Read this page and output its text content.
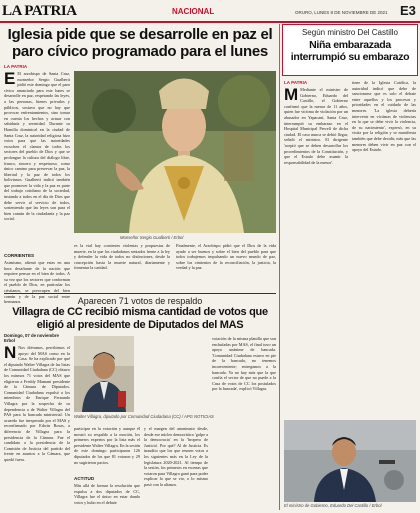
LA PATRIA	NACIONAL	ORURO, LUNES 8 DE NOVIEMBRE DE 2021 E3
Iglesia pide que se desarrolle en paz el paro cívico programado para el lunes
LA PATRIA
E El arzobispo de Santa Cruz, monseñor Sergio Gualberti pidió este domingo que el paro cívico anunciado para este lunes se desarrolle en paz, respetando las leyes, a las personas, bienes privados y públicos, sostuvo que no hay que provocar enfrentamientos, sino tomar en cuenta los hechos y actuar con sabiduría y serenidad. Durante su Homilía dominical en la ciudad de Santa Cruz, la autoridad religiosa hizo votos para que las autoridades escuchen el clamor de todos los sectores del pueblo de Dios y que se prolongue la cultura del diálogo libre, franco, sincero y respetuoso, como único camino para preservar la paz, la libertad y la paz de todos los bolivianos. Gualberti indicó también que promover la vida y la paz es parte del trabajo cotidiano de la sociedad, instando a todos en el día de Dios que debe servir al servicio de todos, sosteniendo que las leyes son para el bien común de la ciudadanía y la paz social.
CORRIENTES
Asimismo, afirmó que estas en una hora desafiante de la nación que requiere pensar en el bien de todos. A su vez que los sectores que conforman el pueblo de Dios, en particular los cristianos, se preocupen del bien común y de la paz social entre hermanos.
Monseñor Sergio Gualberti / Erbol
es la vial hay corrientes violentas y propuestas de muerte, en la que los ciudadanos sentados frente a la ley y defender la vida de todos no distinciones, desde la concepción hasta la muerte natural, diariamente y fomentar la caridad.
Finalmente, el Arzobispo pidió que el Dios de la vida ayude a ser buenos y sobre el bien del pueblo para que todos trabajemos impulsando un nuevo mundo de paz, sobre los cimientos de la reconciliación, la justicia, la verdad y la paz.
Aparecen 71 votos de respaldo
Villagra de CC recibió misma cantidad de votos que eligió al presidente de Diputados del MAS
Domingo, 07 de noviembre
Erbol
N Nos diéramos, percibimos el apoyo del MAS como en la Casa. Se ha explicado por qué el diputado Walter Villagra de las listas de Comunidad Ciudadana (CC) obtuvo los mismos 71 votos del MAS que eligieron a Freddy Mamani presidente de la Cámara de Diputados. Comunidad Ciudadana expulsó a los miembros de Enrique Fernando Villagra por la sospecha de su dependencia a de Walter Villagra del PAS para la bancada ministerial. Un acuerdo fue inesperado por el MAS y reconfirmado por Edwin Rosas, a diferencia de Villagra para la presidencia de la Cámara. Fue el candidato a la presidencia de la Comisión de Justicia del partido del frente en asuntos a la Cámara, que quedó fuera.
Walter Villagra, diputado por Comunidad Ciudadana (CC) / APG NOTICIAS
participar en la votación y aunque él mostró su respaldo a la moción, los primeros expertos por la lista más el presidente Walter Villagra. En la sesión de este domingo participaron 126 diputados de los que 81 votaron y 29 no sugirieron pactos.
ACTITUD
Más allá de formar la resolución que expulsa a dos diputados de CC, Villagra fue el único en estar dando votos y hubo en el debate
y el margen del anonimato desde, desde ese núcleo democrático 'golpe a la democracia' en la 'bropera de Justicia'. Por qué? Al de Justicia. Es inaudito que los que reunen votos a los siguientes más en la Ley de la legislatura 2020-2021. Al tiempo de la sesión, los primeros en escenas que votaron para Villagra ganó para poder explicar lo que se vio, o lo mismo pasó con la alianza.
votación de la misma planilla que son enchufadas por MAS, el final tuvo un apoyo unánime de bancada. 'Comunidad Ciudadana estuvo en pie de la bancada, no tenemos inconveniente; entregamos a la bancada. Ya no hay más que la que confía el sector de que no puede a la Casa de votos de CC los postulados por la bancada', explicó Villagra.
Según ministro Del Castillo
Niña embarazada interrumpió su embarazo
LA PATRIA
M Mediante el ministro de Gobierno, Eduardo del Castillo, el Gobierno confirmó que la menor de 11 años, quien fue víctima de violación por un abusador en Yapacaní, Santa Cruz, interrumpió su embarazo en el Hospital Municipal Percelí de dicha ciudad. El caso nunca se debió llegar, señaló el ministro. El dirigente 'aceptó que se deben desarrollar los procedimientos de la Constitución, y que el Estado debe asumir la responsabilidad de la menor'.
tiene de la Iglesia Católica, la autoridad indicó que debe de sancionarse que es solo el debate entre aquellos y los procesos y prioridades en el cuidado de las menores. 'La iglesia debería intervenir en víctimas de violencias en la que se debe vivir la violencia, de su nacimiento', expresó, en su visita por la religión y se manifiesta también que debe decidir, más que las menores deben vivir en paz con el apoyo del Estado.
El ministro de Gobierno, Eduardo Del Castillo / Erbol
